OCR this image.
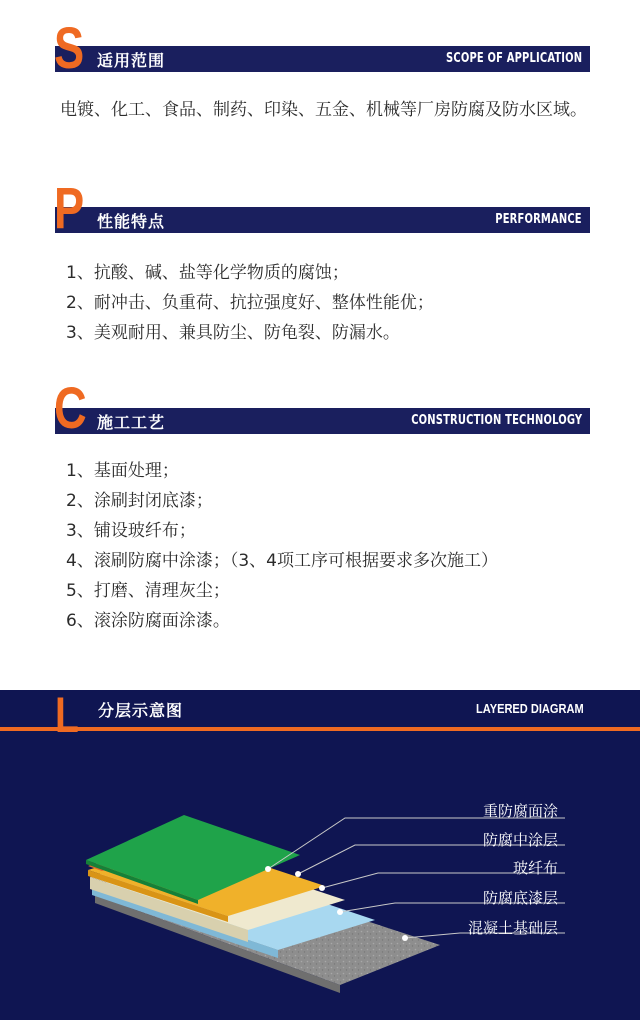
适用范围	SCOPE OF APPLICATION
S
电镀、化工、食品、制药、印染、五金、机械等厂房防腐及防水区域。
性能特点	PERFORMANCE
P
1、抗酸、碱、盐等化学物质的腐蚀；
2、耐冲击、负重荷、抗拉强度好、整体性能优；
3、美观耐用、兼具防尘、防龟裂、防漏水。
施工工艺	CONSTRUCTION TECHNOLOGY
C
1、基面处理；
2、涂刷封闭底漆；
3、铺设玻纤布；
4、滚刷防腐中涂漆；（3、4项工序可根据要求多次施工）
5、打磨、清理灰尘；
6、滚涂防腐面涂漆。
L 分层示意图	LAYERED DIAGRAM
重防腐面涂
防腐中涂层
玻纤布
防腐底漆层
混凝土基础层
